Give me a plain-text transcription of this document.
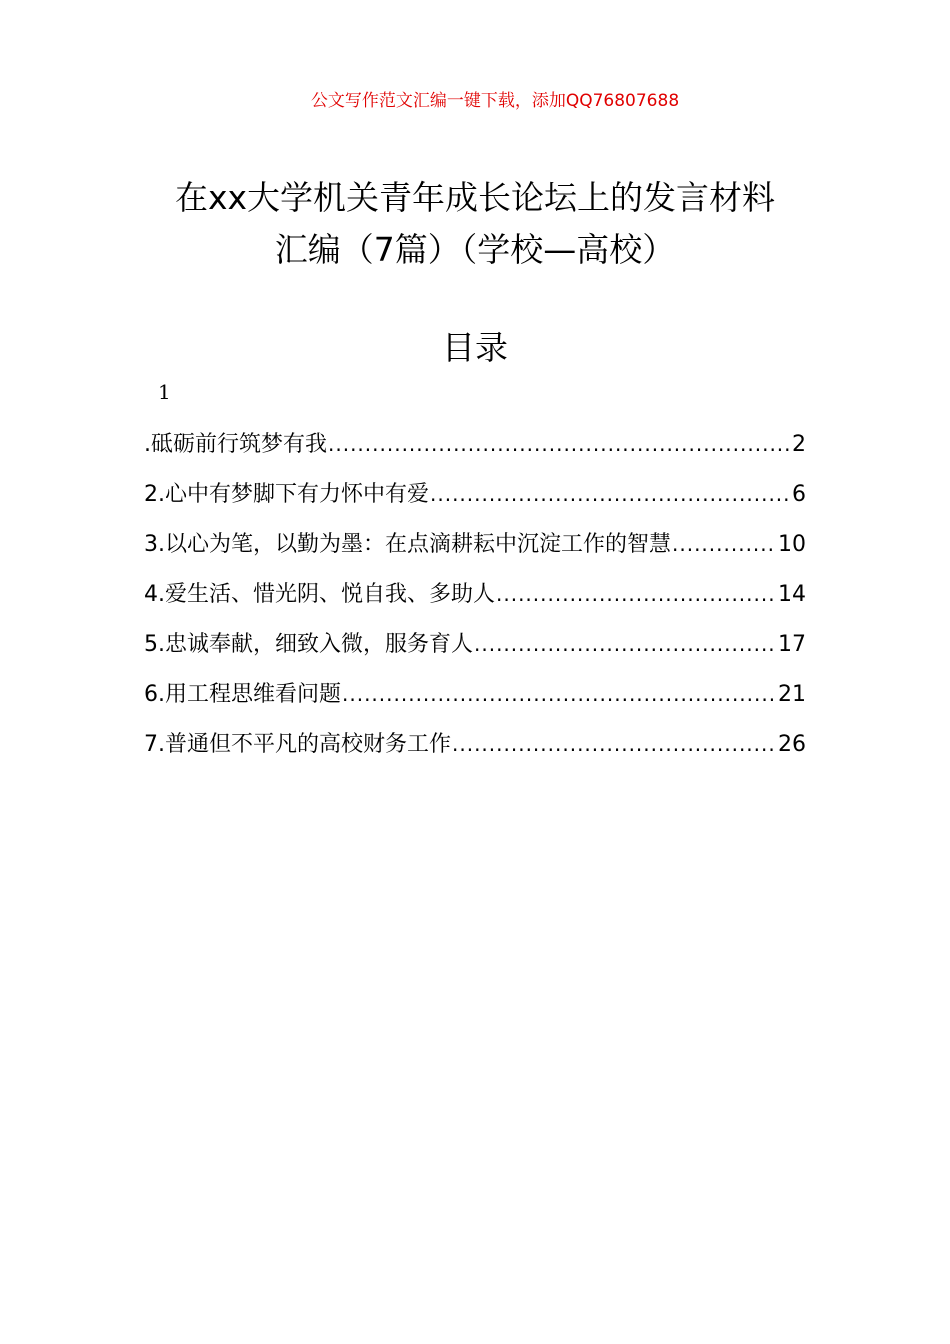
公文写作范文汇编一键下载，添加QQ76807688
在xx大学机关青年成长论坛上的发言材料
汇编（7篇）（学校—高校）
目录
1
.砥砺前行筑梦有我 .....	2
2.心中有梦脚下有力怀中有爱 .....	6
3.以心为笔，以勤为墨：在点滴耕耘中沉淀工作的智慧 .....	10
4.爱生活、惜光阴、悦自我、多助人 .....	14
5.忠诚奉献，细致入微，服务育人 .....	17
6.用工程思维看问题 .....	21
7.普通但不平凡的高校财务工作 .....	26
